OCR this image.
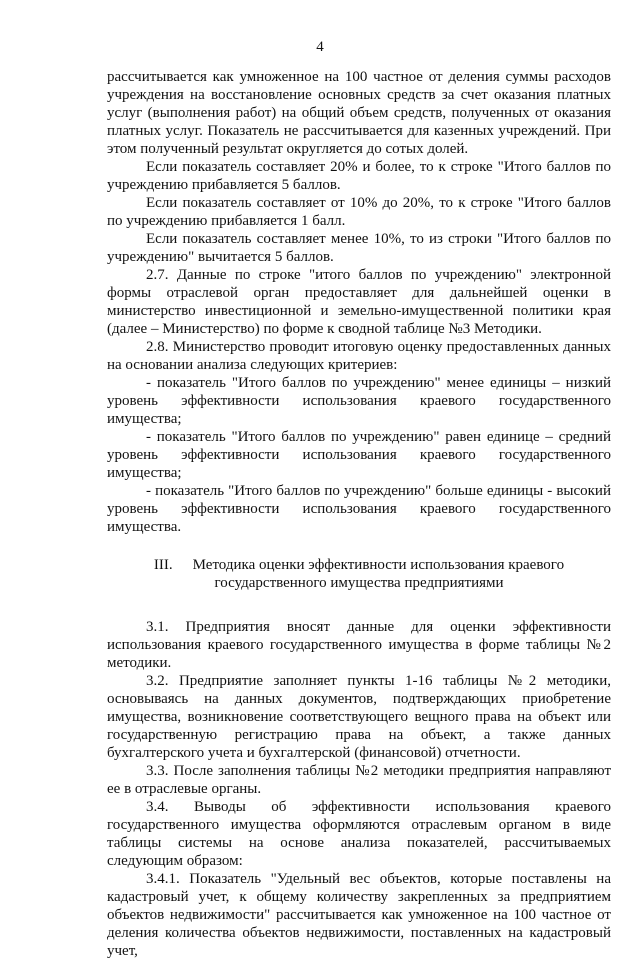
4

рассчитывается как умноженное на 100 частное от деления суммы расходов учреждения на восстановление основных средств за счет оказания платных услуг (выполнения работ) на общий объем средств, полученных от оказания платных услуг. Показатель не рассчитывается для казенных учреждений. При этом полученный результат округляется до сотых долей.

Если показатель составляет 20% и более, то к строке "Итого баллов по учреждению прибавляется 5 баллов.

Если показатель составляет от 10% до 20%, то к строке "Итого баллов по учреждению прибавляется 1 балл.

Если показатель составляет менее 10%, то из строки "Итого баллов по учреждению" вычитается 5 баллов.

2.7. Данные по строке "итого баллов по учреждению" электронной формы отраслевой орган предоставляет для дальнейшей оценки в министерство инвестиционной и земельно-имущественной политики края (далее – Министерство) по форме к сводной таблице №3 Методики.

2.8. Министерство проводит итоговую оценку предоставленных данных на основании анализа следующих критериев:

- показатель "Итого баллов по учреждению" менее единицы – низкий уровень эффективности использования краевого государственного имущества;

- показатель "Итого баллов по учреждению" равен единице – средний уровень эффективности использования краевого государственного имущества;

- показатель "Итого баллов по учреждению" больше единицы - высокий уровень эффективности использования краевого государственного имущества.

III. Методика оценки эффективности использования краевого государственного имущества предприятиями

3.1. Предприятия вносят данные для оценки эффективности использования краевого государственного имущества в форме таблицы №2 методики.

3.2. Предприятие заполняет пункты 1-16 таблицы №2 методики, основываясь на данных документов, подтверждающих приобретение имущества, возникновение соответствующего вещного права на объект или государственную регистрацию права на объект, а также данных бухгалтерского учета и бухгалтерской (финансовой) отчетности.

3.3. После заполнения таблицы №2 методики предприятия направляют ее в отраслевые органы.

3.4. Выводы об эффективности использования краевого государственного имущества оформляются отраслевым органом в виде таблицы системы на основе анализа показателей, рассчитываемых следующим образом:

3.4.1. Показатель "Удельный вес объектов, которые поставлены на кадастровый учет, к общему количеству закрепленных за предприятием объектов недвижимости" рассчитывается как умноженное на 100 частное от деления количества объектов недвижимости, поставленных на кадастровый учет,
